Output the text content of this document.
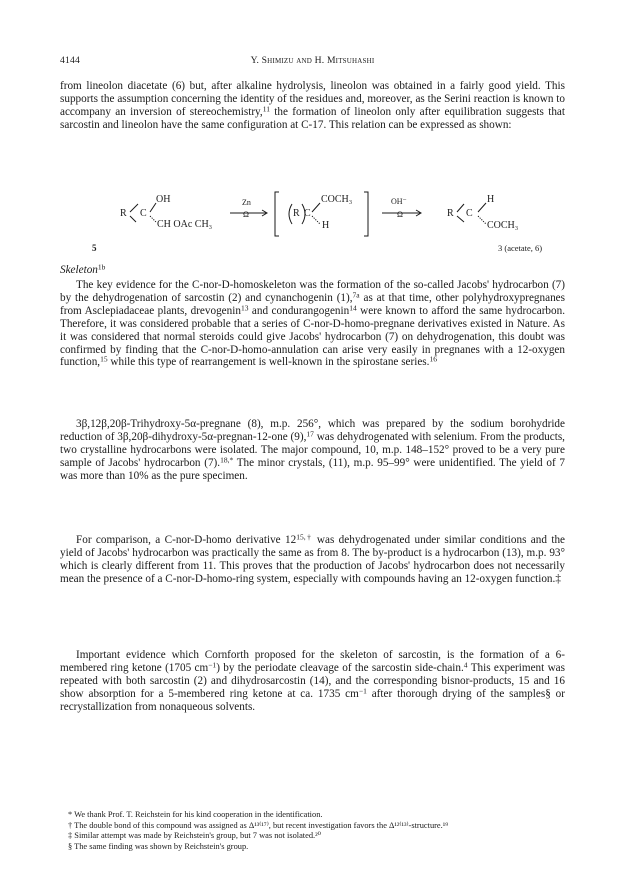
4144	Y. Shimizu and H. Mitsuhashi

from lineolon diacetate (6) but, after alkaline hydrolysis, lineolon was obtained in a fairly good yield. This supports the assumption concerning the identity of the residues and, moreover, as the Serini reaction is known to accompany an inversion of stereochemistry,$^{11}$ the formation of lineolon only after equilibration suggests that sarcostin and lineolon have the same configuration at C-17. This relation can be expressed as shown:

R C
OH
CH OAc CH₃
Zn
Ω	R C
COCH₃
H
OH⁻
Ω	R C
H
COCH₃
5	3 (acetate, 6)

Skeleton$^{1b}$

The key evidence for the C-nor-D-homoskeleton was the formation of the so-called Jacobs' hydrocarbon (7) by the dehydrogenation of sarcostin (2) and cynanchogenin (1),$^{7a}$ as at that time, other polyhydroxypregnanes from Asclepiadaceae plants, drevogenin$^{13}$ and condurangogenin$^{14}$ were known to afford the same hydrocarbon. Therefore, it was considered probable that a series of C-nor-D-homo-pregnane derivatives existed in Nature. As it was considered that normal steroids could give Jacobs' hydrocarbon (7) on dehydrogenation, this doubt was confirmed by finding that the C-nor-D-homo-annulation can arise very easily in pregnanes with a 12-oxygen function,$^{15}$ while this type of rearrangement is well-known in the spirostane series.$^{16}$

3β,12β,20β-Trihydroxy-5α-pregnane (8), m.p. 256°, which was prepared by the sodium borohydride reduction of 3β,20β-dihydroxy-5α-pregnan-12-one (9),$^{17}$ was dehydrogenated with selenium. From the products, two crystalline hydrocarbons were isolated. The major compound, 10, m.p. 148–152° proved to be a very pure sample of Jacobs' hydrocarbon (7).$^{18,*}$ The minor crystals, (11), m.p. 95–99° were unidentified. The yield of 7 was more than 10% as the pure specimen.

For comparison, a C-nor-D-homo derivative $12^{15,\dagger}$ was dehydrogenated under similar conditions and the yield of Jacobs' hydrocarbon was practically the same as from 8. The by-product is a hydrocarbon (13), m.p. 93° which is clearly different from 11. This proves that the production of Jacobs' hydrocarbon does not necessarily mean the presence of a C-nor-D-homo-ring system, especially with compounds having an 12-oxygen function.‡

Important evidence which Cornforth proposed for the skeleton of sarcostin, is the formation of a 6-membered ring ketone (1705 $cm^{-1}$) by the periodate cleavage of the sarcostin side-chain.$^4$ This experiment was repeated with both sarcostin (2) and dihydrosarcostin (14), and the corresponding bisnor-products, 15 and 16 show absorption for a 5-membered ring ketone at ca. 1735 $cm^{-1}$ after thorough drying of the samples§ or recrystallization from nonaqueous solvents.

* We thank Prof. T. Reichstein for his kind cooperation in the identification.

† The double bond of this compound was assigned as Δ¹³⁽¹⁷⁾, but recent investigation favors the Δ¹²⁽¹³⁾-structure.¹⁹

‡ Similar attempt was made by Reichstein's group, but 7 was not isolated.²⁰

§ The same finding was shown by Reichstein's group.
